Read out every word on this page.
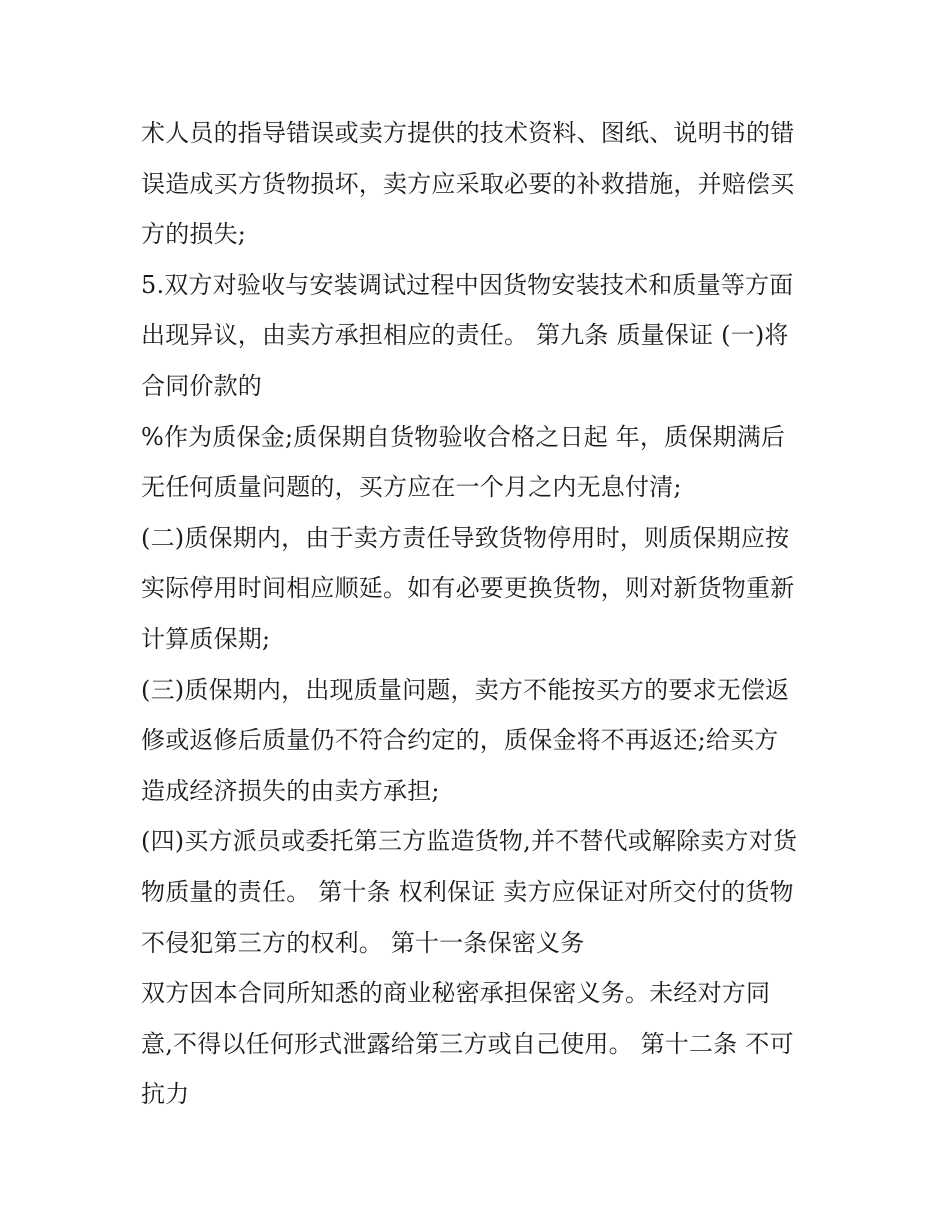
术人员的指导错误或卖方提供的技术资料、图纸、说明书的错
误造成买方货物损坏，卖方应采取必要的补救措施，并赔偿买
方的损失;
5.双方对验收与安装调试过程中因货物安装技术和质量等方面
出现异议，由卖方承担相应的责任。 第九条 质量保证 (一)将
合同价款的
%作为质保金;质保期自货物验收合格之日起 年，质保期满后
无任何质量问题的，买方应在一个月之内无息付清;
(二)质保期内，由于卖方责任导致货物停用时，则质保期应按
实际停用时间相应顺延。如有必要更换货物，则对新货物重新
计算质保期;
(三)质保期内，出现质量问题，卖方不能按买方的要求无偿返
修或返修后质量仍不符合约定的，质保金将不再返还;给买方
造成经济损失的由卖方承担;
(四)买方派员或委托第三方监造货物,并不替代或解除卖方对货
物质量的责任。 第十条 权利保证 卖方应保证对所交付的货物
不侵犯第三方的权利。 第十一条保密义务
双方因本合同所知悉的商业秘密承担保密义务。未经对方同
意,不得以任何形式泄露给第三方或自己使用。 第十二条 不可
抗力
